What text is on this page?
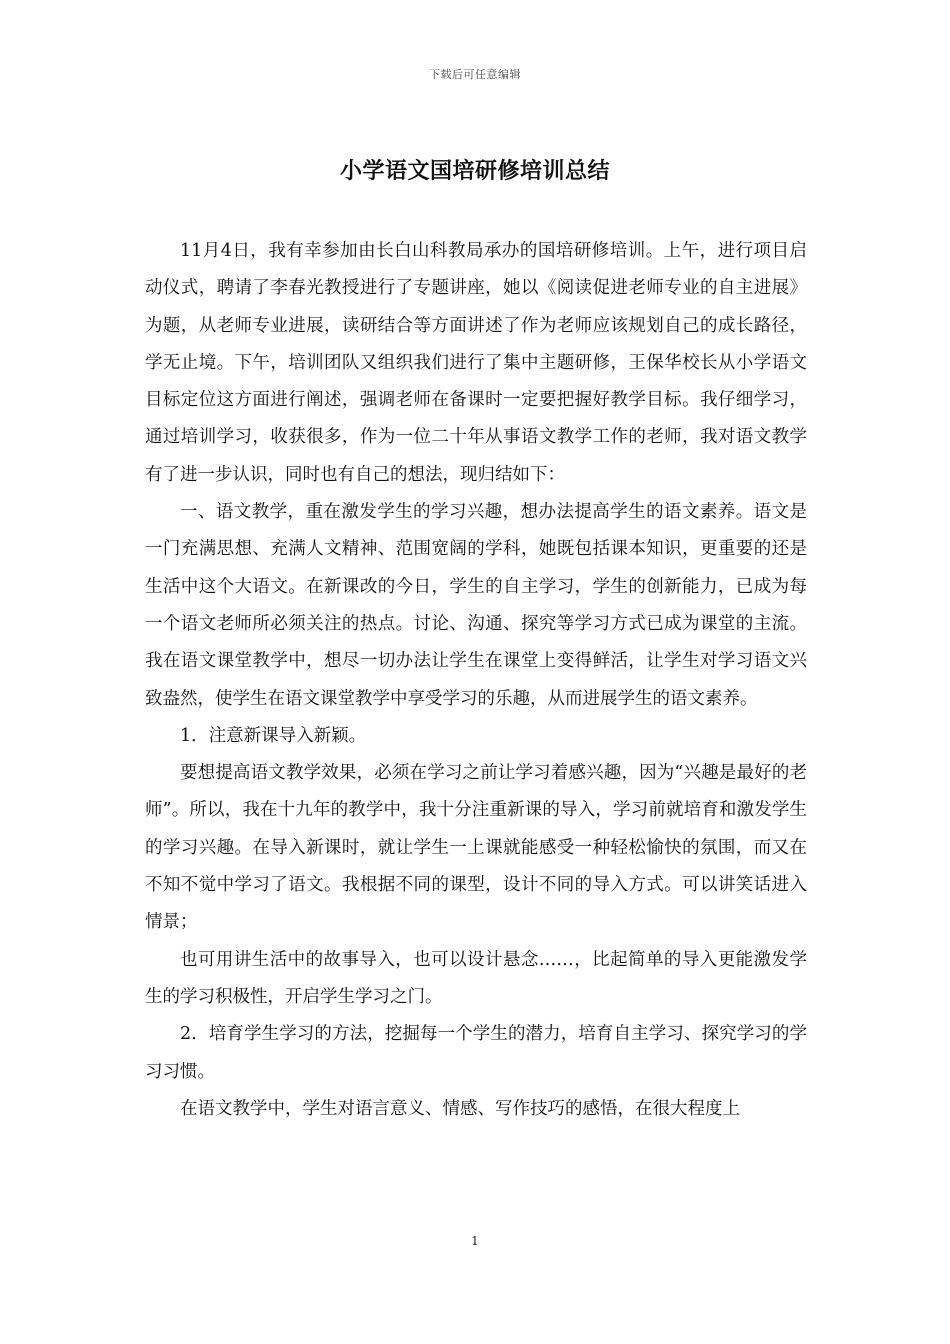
下载后可任意编辑
小学语文国培研修培训总结

11月4日，我有幸参加由长白山科教局承办的国培研修培训。上午，进行项目启动仪式，聘请了李春光教授进行了专题讲座，她以《阅读促进老师专业的自主进展》为题，从老师专业进展，读研结合等方面讲述了作为老师应该规划自己的成长路径，学无止境。下午，培训团队又组织我们进行了集中主题研修，王保华校长从小学语文目标定位这方面进行阐述，强调老师在备课时一定要把握好教学目标。我仔细学习，通过培训学习，收获很多，作为一位二十年从事语文教学工作的老师，我对语文教学有了进一步认识，同时也有自己的想法，现归结如下：

一、语文教学，重在激发学生的学习兴趣，想办法提高学生的语文素养。语文是一门充满思想、充满人文精神、范围宽阔的学科，她既包括课本知识，更重要的还是生活中这个大语文。在新课改的今日，学生的自主学习，学生的创新能力，已成为每一个语文老师所必须关注的热点。讨论、沟通、探究等学习方式已成为课堂的主流。我在语文课堂教学中，想尽一切办法让学生在课堂上变得鲜活，让学生对学习语文兴致盎然，使学生在语文课堂教学中享受学习的乐趣，从而进展学生的语文素养。

1．注意新课导入新颖。

要想提高语文教学效果，必须在学习之前让学习着感兴趣，因为“兴趣是最好的老师”。所以，我在十九年的教学中，我十分注重新课的导入，学习前就培育和激发学生的学习兴趣。在导入新课时，就让学生一上课就能感受一种轻松愉快的氛围，而又在不知不觉中学习了语文。我根据不同的课型，设计不同的导入方式。可以讲笑话进入情景；

也可用讲生活中的故事导入，也可以设计悬念……，比起简单的导入更能激发学生的学习积极性，开启学生学习之门。

2．培育学生学习的方法，挖掘每一个学生的潜力，培育自主学习、探究学习的学习习惯。

在语文教学中，学生对语言意义、情感、写作技巧的感悟，在很大程度上

1
